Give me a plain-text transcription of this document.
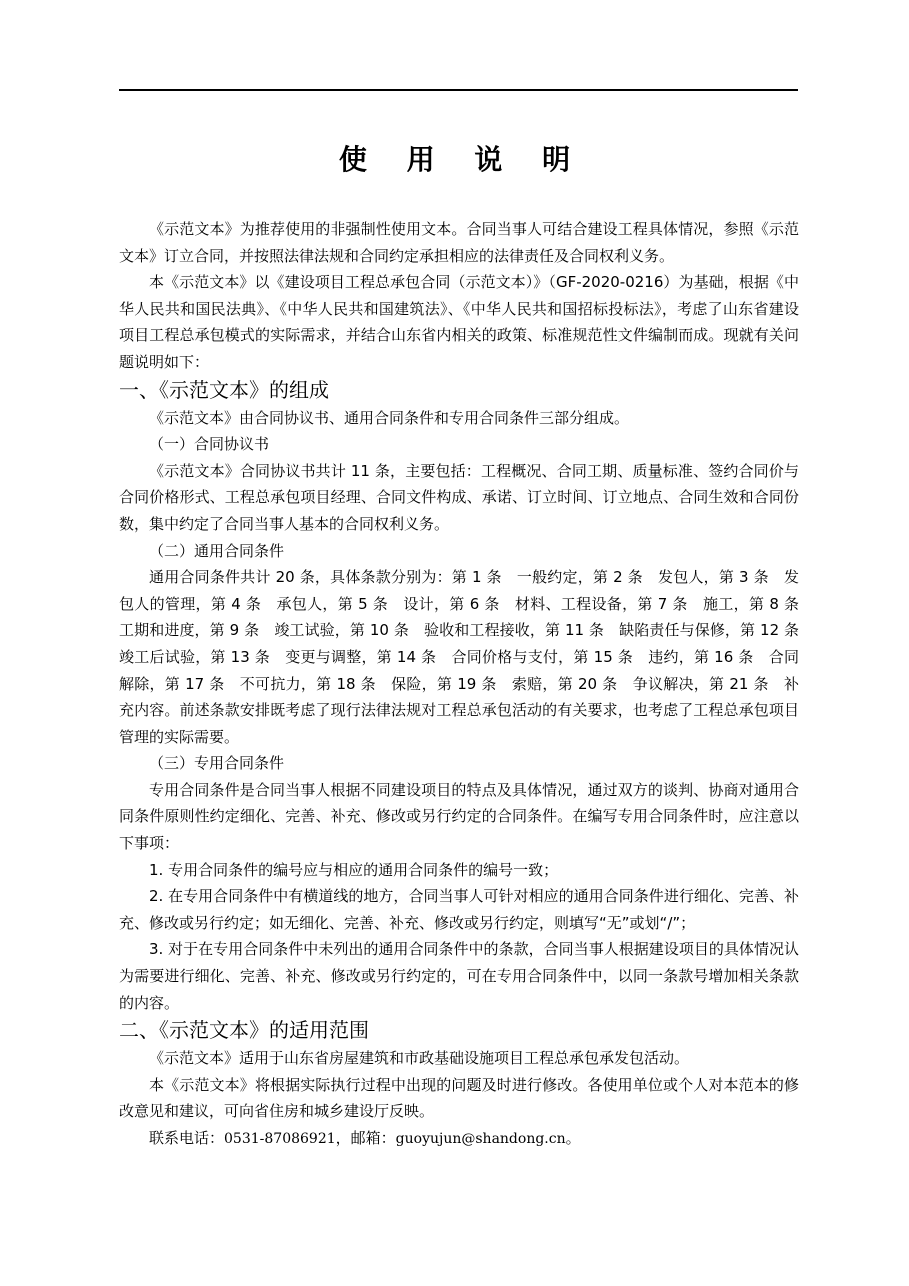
使 用 说 明

《示范文本》为推荐使用的非强制性使用文本。合同当事人可结合建设工程具体情况，参照《示范文本》订立合同，并按照法律法规和合同约定承担相应的法律责任及合同权利义务。

本《示范文本》以《建设项目工程总承包合同（示范文本）》（GF-2020-0216）为基础，根据《中华人民共和国民法典》、《中华人民共和国建筑法》、《中华人民共和国招标投标法》，考虑了山东省建设项目工程总承包模式的实际需求，并结合山东省内相关的政策、标准规范性文件编制而成。现就有关问题说明如下：

一、《示范文本》的组成

《示范文本》由合同协议书、通用合同条件和专用合同条件三部分组成。

（一）合同协议书

《示范文本》合同协议书共计 11 条，主要包括：工程概况、合同工期、质量标准、签约合同价与合同价格形式、工程总承包项目经理、合同文件构成、承诺、订立时间、订立地点、合同生效和合同份数，集中约定了合同当事人基本的合同权利义务。

（二）通用合同条件

通用合同条件共计 20 条，具体条款分别为：第 1 条　一般约定，第 2 条　发包人，第 3 条　发包人的管理，第 4 条　承包人，第 5 条　设计，第 6 条　材料、工程设备，第 7 条　施工，第 8 条　工期和进度，第 9 条　竣工试验，第 10 条　验收和工程接收，第 11 条　缺陷责任与保修，第 12 条　竣工后试验，第 13 条　变更与调整，第 14 条　合同价格与支付，第 15 条　违约，第 16 条　合同解除，第 17 条　不可抗力，第 18 条　保险，第 19 条　索赔，第 20 条　争议解决，第 21 条　补充内容。前述条款安排既考虑了现行法律法规对工程总承包活动的有关要求，也考虑了工程总承包项目管理的实际需要。

（三）专用合同条件

专用合同条件是合同当事人根据不同建设项目的特点及具体情况，通过双方的谈判、协商对通用合同条件原则性约定细化、完善、补充、修改或另行约定的合同条件。在编写专用合同条件时，应注意以下事项：

1. 专用合同条件的编号应与相应的通用合同条件的编号一致；

2. 在专用合同条件中有横道线的地方，合同当事人可针对相应的通用合同条件进行细化、完善、补充、修改或另行约定；如无细化、完善、补充、修改或另行约定，则填写“无”或划“/”；

3. 对于在专用合同条件中未列出的通用合同条件中的条款，合同当事人根据建设项目的具体情况认为需要进行细化、完善、补充、修改或另行约定的，可在专用合同条件中，以同一条款号增加相关条款的内容。

二、《示范文本》的适用范围

《示范文本》适用于山东省房屋建筑和市政基础设施项目工程总承包承发包活动。

本《示范文本》将根据实际执行过程中出现的问题及时进行修改。各使用单位或个人对本范本的修改意见和建议，可向省住房和城乡建设厅反映。

联系电话：0531-87086921，邮箱：guoyujun@shandong.cn。
